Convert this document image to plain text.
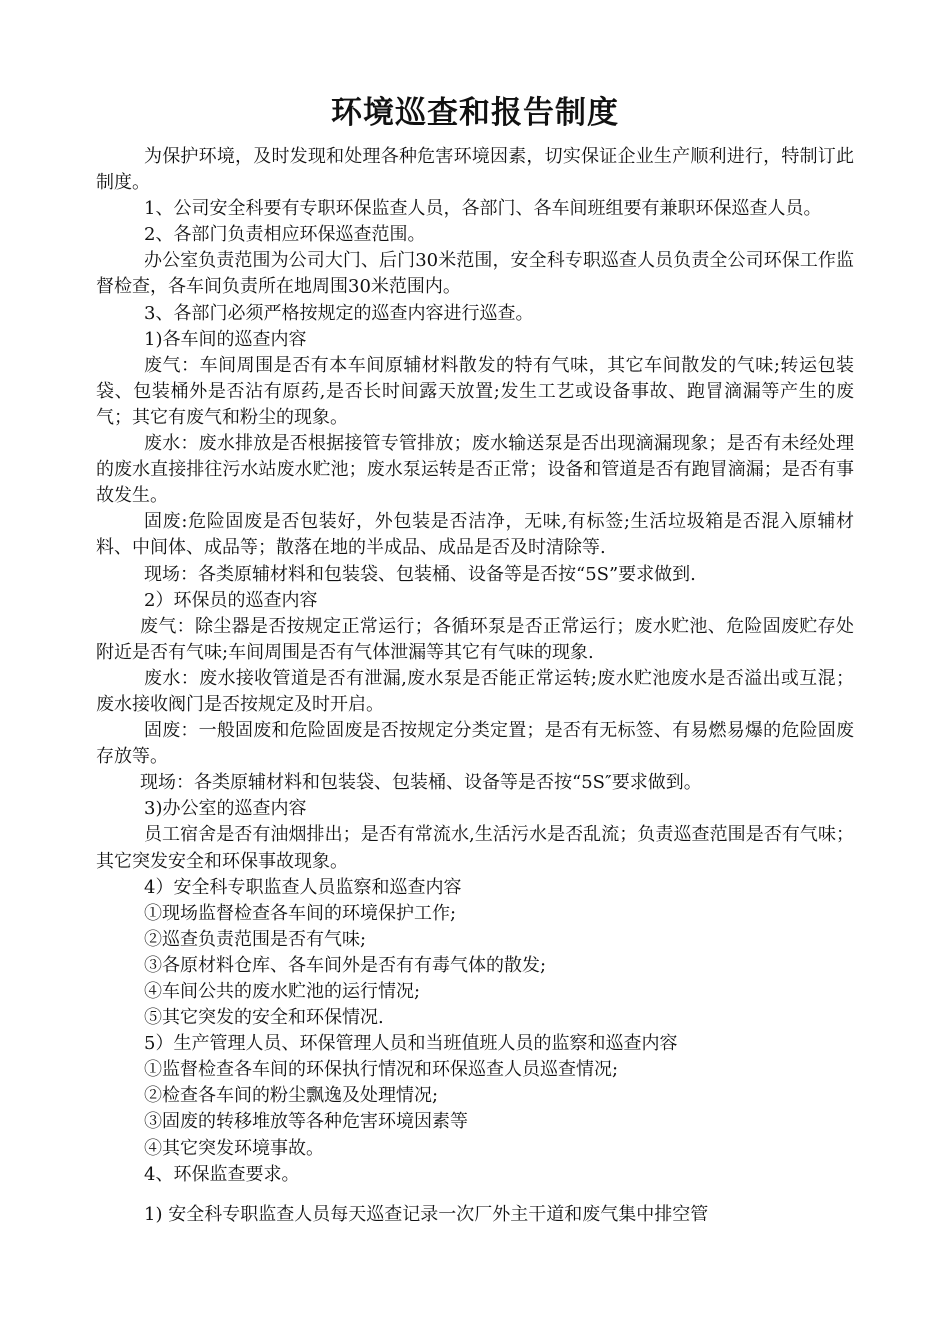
环境巡查和报告制度

为保护环境，及时发现和处理各种危害环境因素，切实保证企业生产顺利进行，特制订此制度。

1、公司安全科要有专职环保监查人员，各部门、各车间班组要有兼职环保巡查人员。

2、各部门负责相应环保巡查范围。

办公室负责范围为公司大门、后门30米范围，安全科专职巡查人员负责全公司环保工作监督检查，各车间负责所在地周围30米范围内。

3、各部门必须严格按规定的巡查内容进行巡查。

1)各车间的巡查内容

废气：车间周围是否有本车间原辅材料散发的特有气味，其它车间散发的气味;转运包装袋、包装桶外是否沾有原药,是否长时间露天放置;发生工艺或设备事故、跑冒滴漏等产生的废气；其它有废气和粉尘的现象。

废水：废水排放是否根据接管专管排放；废水输送泵是否出现滴漏现象；是否有未经处理的废水直接排往污水站废水贮池；废水泵运转是否正常；设备和管道是否有跑冒滴漏；是否有事故发生。

固废:危险固废是否包装好，外包装是否洁净，无味,有标签;生活垃圾箱是否混入原辅材料、中间体、成品等；散落在地的半成品、成品是否及时清除等.

现场：各类原辅材料和包装袋、包装桶、设备等是否按“5S”要求做到.

2）环保员的巡查内容

废气：除尘器是否按规定正常运行；各循环泵是否正常运行；废水贮池、危险固废贮存处附近是否有气味;车间周围是否有气体泄漏等其它有气味的现象.

废水：废水接收管道是否有泄漏,废水泵是否能正常运转;废水贮池废水是否溢出或互混；废水接收阀门是否按规定及时开启。

固废：一般固废和危险固废是否按规定分类定置；是否有无标签、有易燃易爆的危险固废存放等。

现场：各类原辅材料和包装袋、包装桶、设备等是否按“5S″要求做到。

3)办公室的巡查内容

员工宿舍是否有油烟排出；是否有常流水,生活污水是否乱流；负责巡查范围是否有气味；其它突发安全和环保事故现象。

4）安全科专职监查人员监察和巡查内容

①现场监督检查各车间的环境保护工作;

②巡查负责范围是否有气味;

③各原材料仓库、各车间外是否有有毒气体的散发;

④车间公共的废水贮池的运行情况;

⑤其它突发的安全和环保情况.

5）生产管理人员、环保管理人员和当班值班人员的监察和巡查内容

①监督检查各车间的环保执行情况和环保巡查人员巡查情况;

②检查各车间的粉尘飘逸及处理情况;

③固废的转移堆放等各种危害环境因素等

④其它突发环境事故。

4、环保监查要求。

1) 安全科专职监查人员每天巡查记录一次厂外主干道和废气集中排空管
